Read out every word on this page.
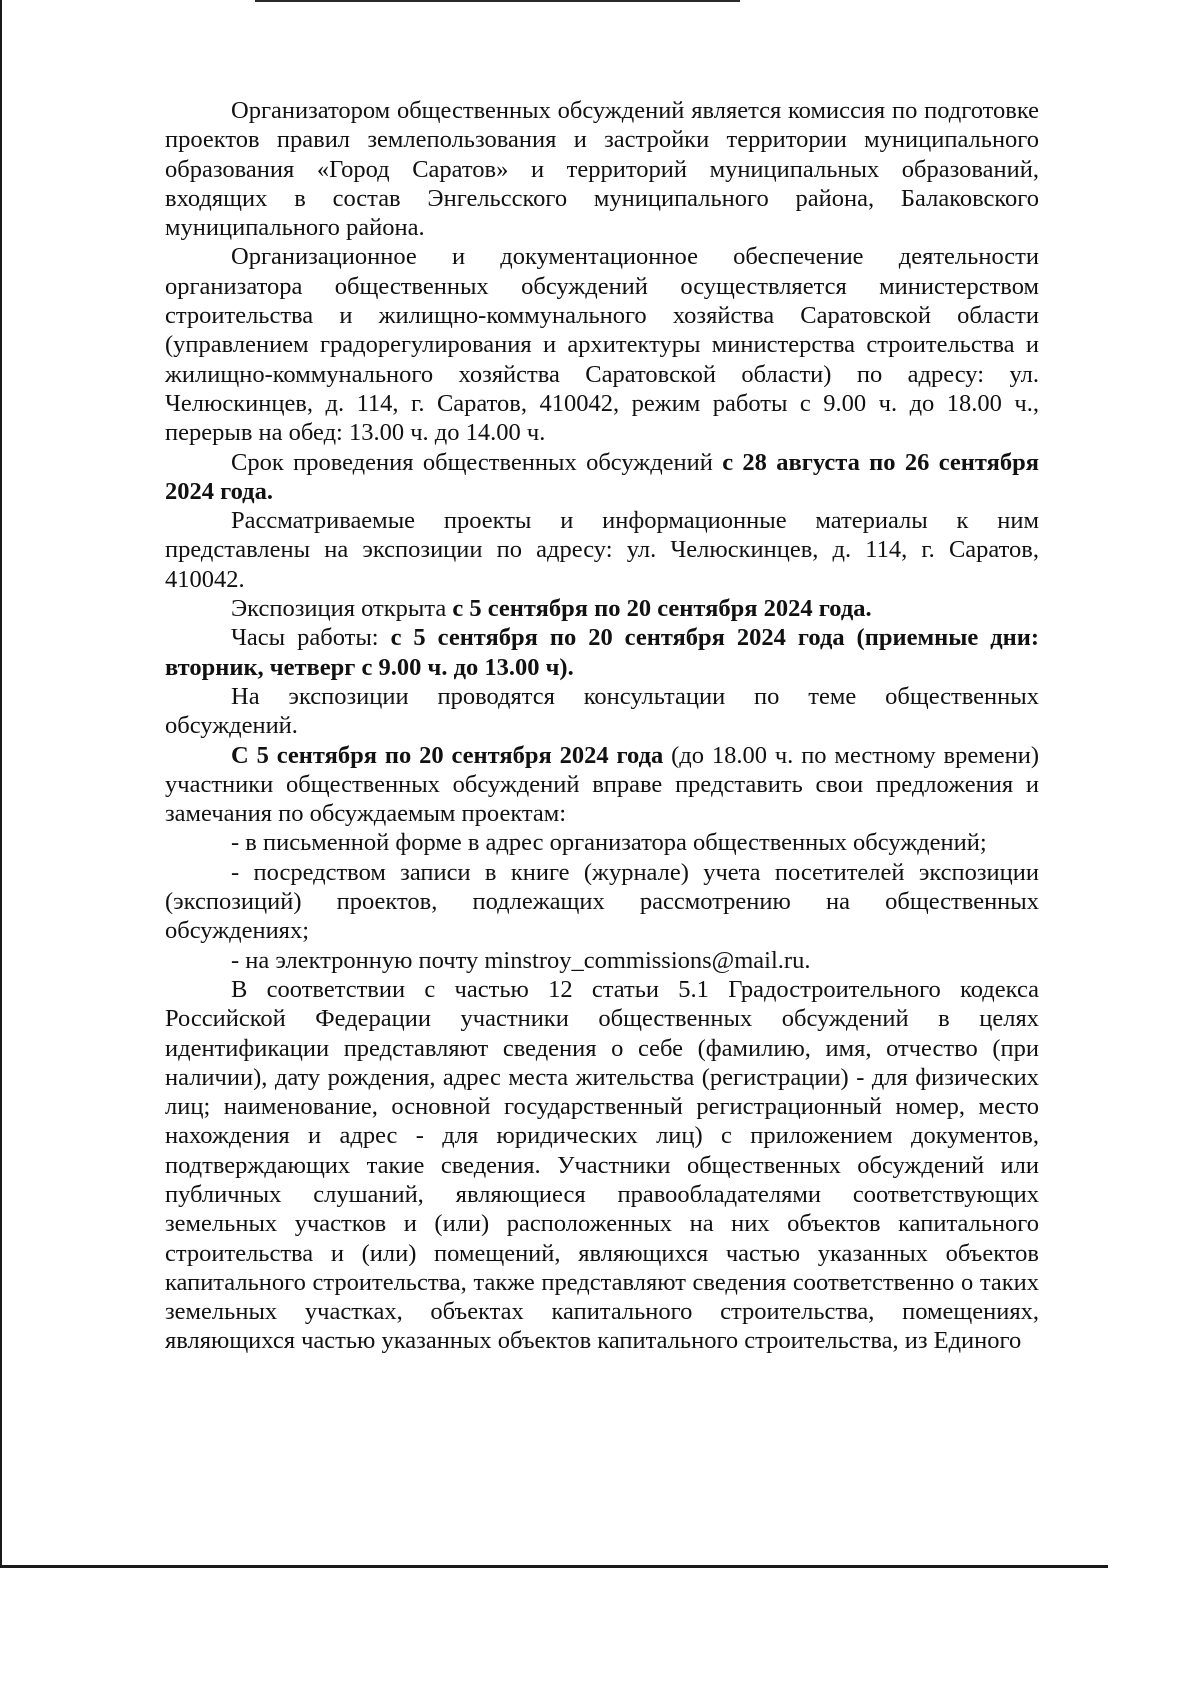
Организатором общественных обсуждений является комиссия по подготовке проектов правил землепользования и застройки территории муниципального образования «Город Саратов» и территорий муниципальных образований, входящих в состав Энгельсского муниципального района, Балаковского муниципального района.

Организационное и документационное обеспечение деятельности организатора общественных обсуждений осуществляется министерством строительства и жилищно-коммунального хозяйства Саратовской области (управлением градорегулирования и архитектуры министерства строительства и жилищно-коммунального хозяйства Саратовской области) по адресу: ул. Челюскинцев, д. 114, г. Саратов, 410042, режим работы с 9.00 ч. до 18.00 ч., перерыв на обед: 13.00 ч. до 14.00 ч.

Срок проведения общественных обсуждений с 28 августа по 26 сентября 2024 года.

Рассматриваемые проекты и информационные материалы к ним представлены на экспозиции по адресу: ул. Челюскинцев, д. 114, г. Саратов, 410042.

Экспозиция открыта с 5 сентября по 20 сентября 2024 года.

Часы работы: с 5 сентября по 20 сентября 2024 года (приемные дни: вторник, четверг с 9.00 ч. до 13.00 ч).

На экспозиции проводятся консультации по теме общественных обсуждений.

С 5 сентября по 20 сентября 2024 года (до 18.00 ч. по местному времени) участники общественных обсуждений вправе представить свои предложения и замечания по обсуждаемым проектам:

- в письменной форме в адрес организатора общественных обсуждений;

- посредством записи в книге (журнале) учета посетителей экспозиции (экспозиций) проектов, подлежащих рассмотрению на общественных обсуждениях;

- на электронную почту minstroy_commissions@mail.ru.

В соответствии с частью 12 статьи 5.1 Градостроительного кодекса Российской Федерации участники общественных обсуждений в целях идентификации представляют сведения о себе (фамилию, имя, отчество (при наличии), дату рождения, адрес места жительства (регистрации) - для физических лиц; наименование, основной государственный регистрационный номер, место нахождения и адрес - для юридических лиц) с приложением документов, подтверждающих такие сведения. Участники общественных обсуждений или публичных слушаний, являющиеся правообладателями соответствующих земельных участков и (или) расположенных на них объектов капитального строительства и (или) помещений, являющихся частью указанных объектов капитального строительства, также представляют сведения соответственно о таких земельных участках, объектах капитального строительства, помещениях, являющихся частью указанных объектов капитального строительства, из Единого
